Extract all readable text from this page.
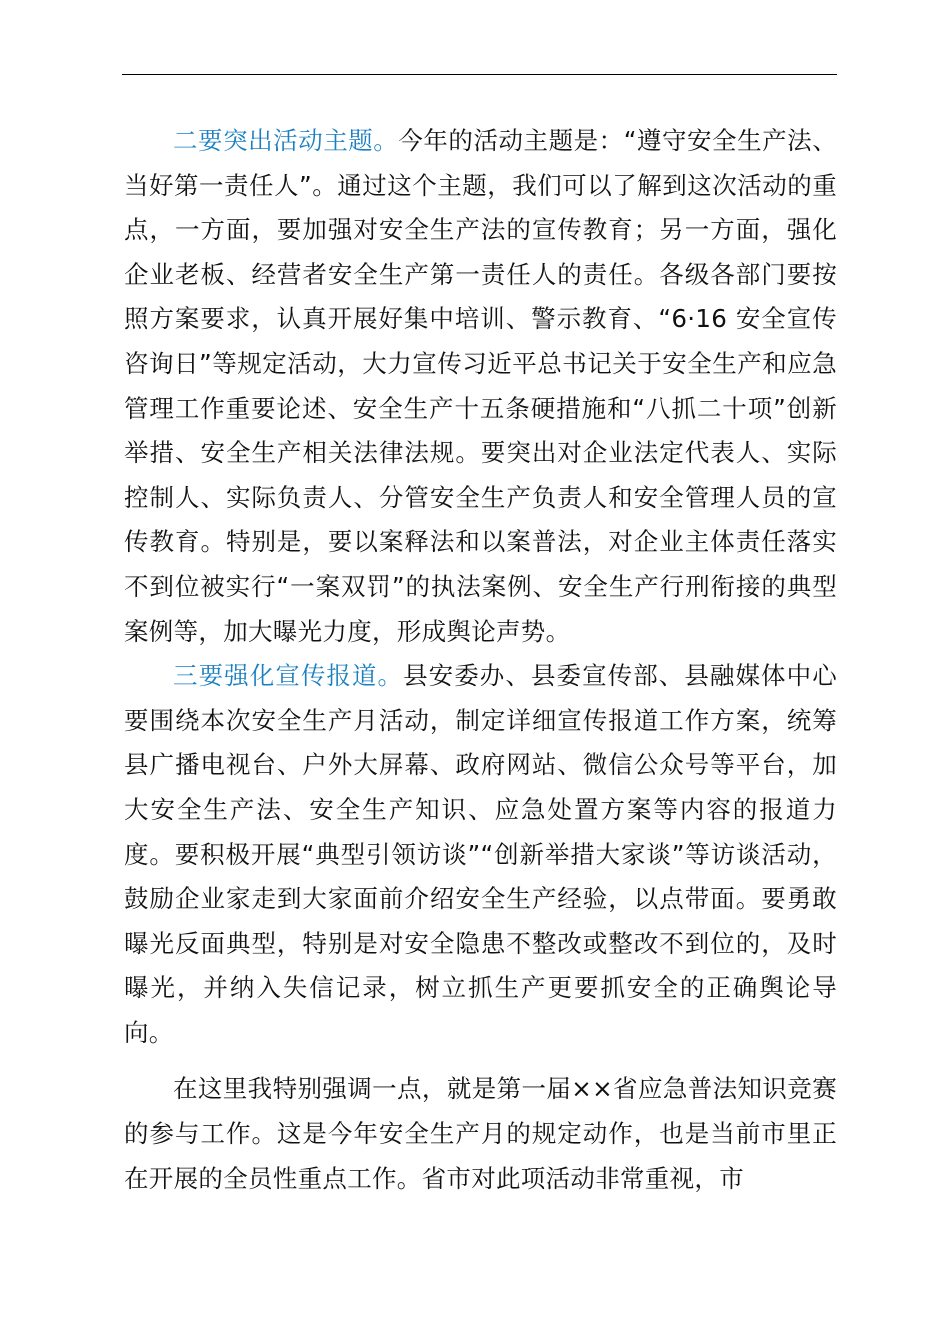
二要突出活动主题。今年的活动主题是：“遵守安全生产法、当好第一责任人”。通过这个主题，我们可以了解到这次活动的重点，一方面，要加强对安全生产法的宣传教育；另一方面，强化企业老板、经营者安全生产第一责任人的责任。各级各部门要按照方案要求，认真开展好集中培训、警示教育、“6·16 安全宣传咨询日”等规定活动，大力宣传习近平总书记关于安全生产和应急管理工作重要论述、安全生产十五条硬措施和“八抓二十项”创新举措、安全生产相关法律法规。要突出对企业法定代表人、实际控制人、实际负责人、分管安全生产负责人和安全管理人员的宣传教育。特别是，要以案释法和以案普法，对企业主体责任落实不到位被实行“一案双罚”的执法案例、安全生产行刑衔接的典型案例等，加大曝光力度，形成舆论声势。

三要强化宣传报道。县安委办、县委宣传部、县融媒体中心要围绕本次安全生产月活动，制定详细宣传报道工作方案，统筹县广播电视台、户外大屏幕、政府网站、微信公众号等平台，加大安全生产法、安全生产知识、应急处置方案等内容的报道力度。要积极开展“典型引领访谈”“创新举措大家谈”等访谈活动，鼓励企业家走到大家面前介绍安全生产经验，以点带面。要勇敢曝光反面典型，特别是对安全隐患不整改或整改不到位的，及时曝光，并纳入失信记录，树立抓生产更要抓安全的正确舆论导向。

在这里我特别强调一点，就是第一届××省应急普法知识竞赛的参与工作。这是今年安全生产月的规定动作，也是当前市里正在开展的全员性重点工作。省市对此项活动非常重视，市
